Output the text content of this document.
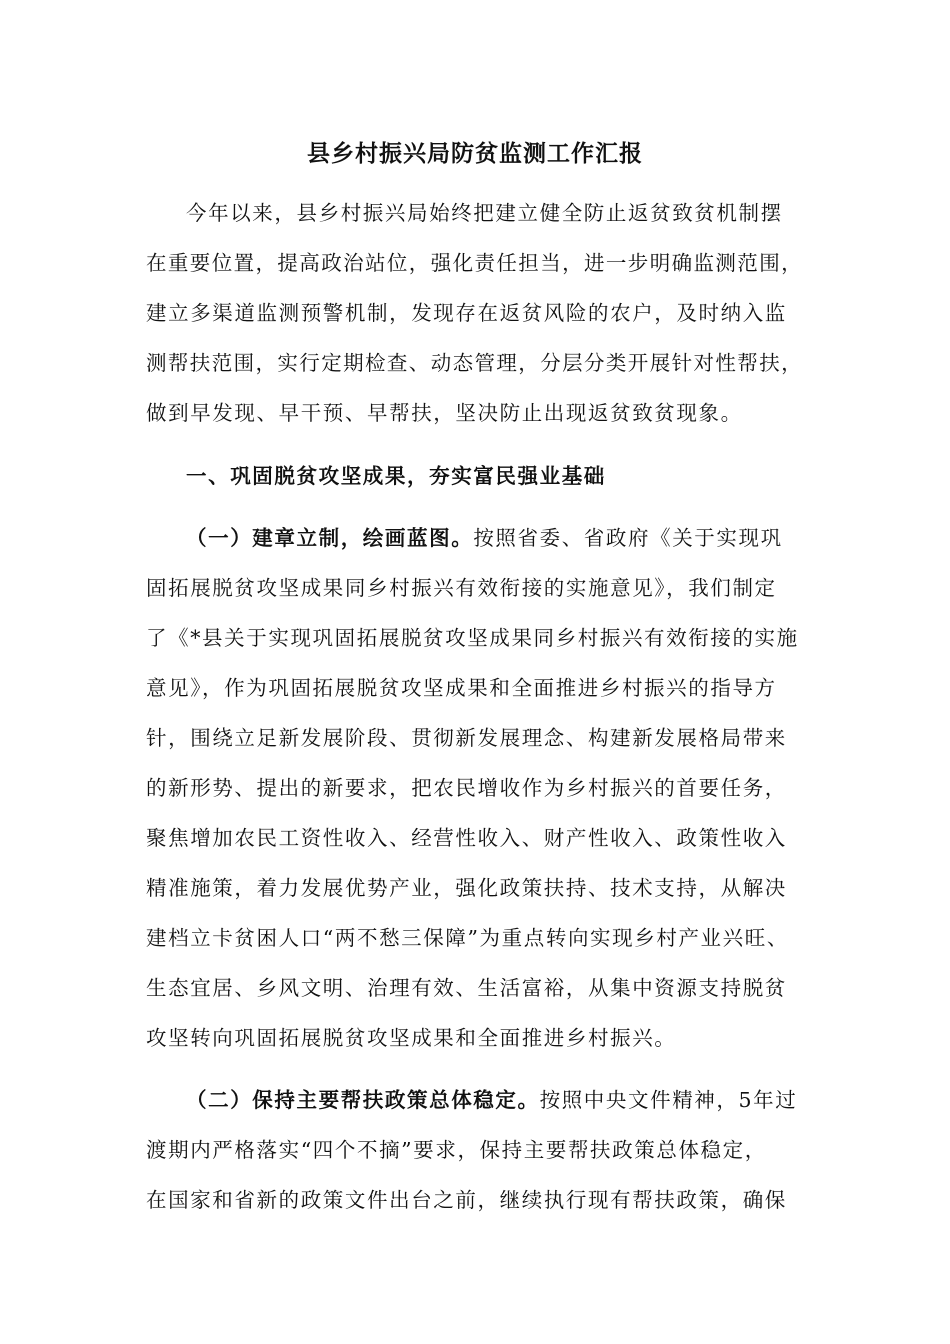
县乡村振兴局防贫监测工作汇报
今年以来，县乡村振兴局始终把建立健全防止返贫致贫机制摆
在重要位置，提高政治站位，强化责任担当，进一步明确监测范围，
建立多渠道监测预警机制，发现存在返贫风险的农户，及时纳入监
测帮扶范围，实行定期检查、动态管理，分层分类开展针对性帮扶，
做到早发现、早干预、早帮扶，坚决防止出现返贫致贫现象。
一、巩固脱贫攻坚成果，夯实富民强业基础
（一）建章立制，绘画蓝图。按照省委、省政府《关于实现巩
固拓展脱贫攻坚成果同乡村振兴有效衔接的实施意见》，我们制定
了《*县关于实现巩固拓展脱贫攻坚成果同乡村振兴有效衔接的实施
意见》，作为巩固拓展脱贫攻坚成果和全面推进乡村振兴的指导方
针，围绕立足新发展阶段、贯彻新发展理念、构建新发展格局带来
的新形势、提出的新要求，把农民增收作为乡村振兴的首要任务，
聚焦增加农民工资性收入、经营性收入、财产性收入、政策性收入
精准施策，着力发展优势产业，强化政策扶持、技术支持，从解决
建档立卡贫困人口“两不愁三保障”为重点转向实现乡村产业兴旺、
生态宜居、乡风文明、治理有效、生活富裕，从集中资源支持脱贫
攻坚转向巩固拓展脱贫攻坚成果和全面推进乡村振兴。
（二）保持主要帮扶政策总体稳定。按照中央文件精神，5年过
渡期内严格落实“四个不摘”要求，保持主要帮扶政策总体稳定，
在国家和省新的政策文件出台之前，继续执行现有帮扶政策，确保
